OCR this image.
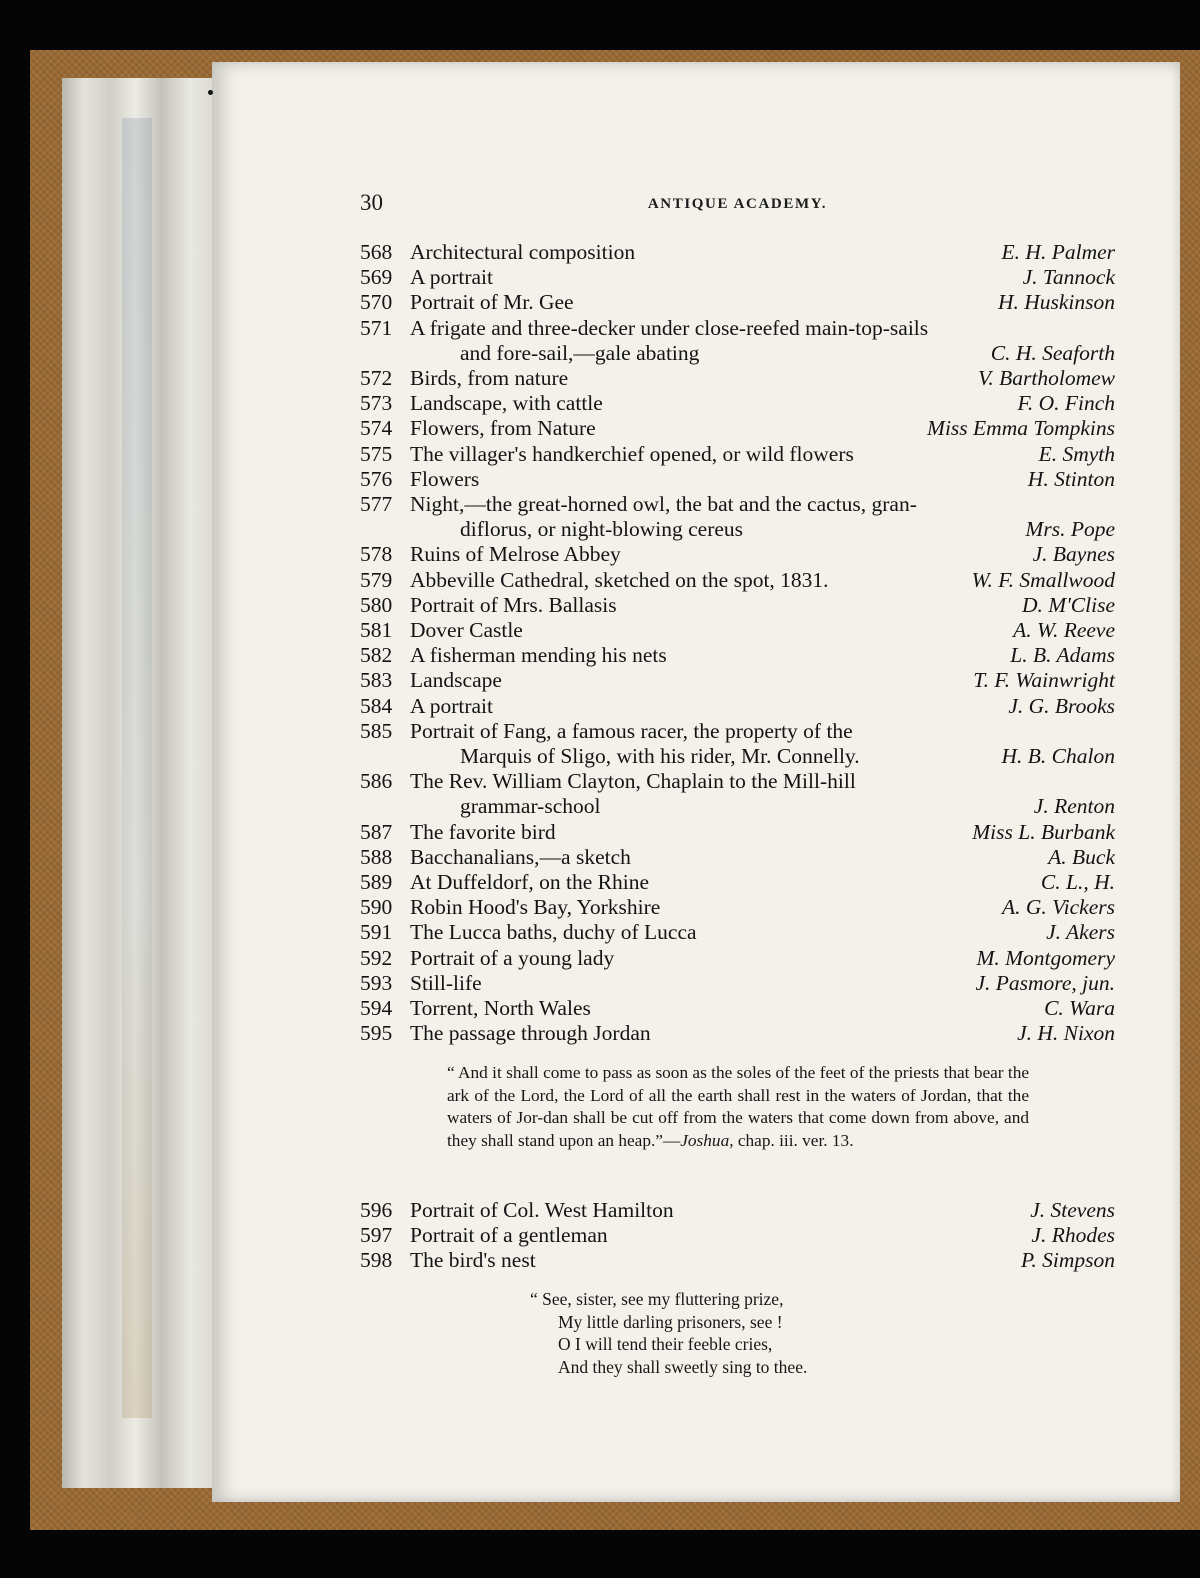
30	ANTIQUE ACADEMY.
568 Architectural composition	E. H. Palmer
569 A portrait	J. Tannock
570 Portrait of Mr. Gee	H. Huskinson
571 A frigate and three-decker under close-reefed main-top-sails
and fore-sail,—gale abating	C. H. Seaforth
572 Birds, from nature	V. Bartholomew
573 Landscape, with cattle	F. O. Finch
574 Flowers, from Nature	Miss Emma Tompkins
575 The villager's handkerchief opened, or wild flowers	E. Smyth
576 Flowers	H. Stinton
577 Night,—the great-horned owl, the bat and the cactus, gran-
diflorus, or night-blowing cereus	Mrs. Pope
578 Ruins of Melrose Abbey	J. Baynes
579 Abbeville Cathedral, sketched on the spot, 1831.	W. F. Smallwood
580 Portrait of Mrs. Ballasis	D. M'Clise
581 Dover Castle	A. W. Reeve
582 A fisherman mending his nets	L. B. Adams
583 Landscape	T. F. Wainwright
584 A portrait	J. G. Brooks
585 Portrait of Fang, a famous racer, the property of the
Marquis of Sligo, with his rider, Mr. Connelly.	H. B. Chalon
586 The Rev. William Clayton, Chaplain to the Mill-hill
grammar-school	J. Renton
587 The favorite bird	Miss L. Burbank
588 Bacchanalians,—a sketch	A. Buck
589 At Duffeldorf, on the Rhine	C. L., H.
590 Robin Hood's Bay, Yorkshire	A. G. Vickers
591 The Lucca baths, duchy of Lucca	J. Akers
592 Portrait of a young lady	M. Montgomery
593 Still-life	J. Pasmore, jun.
594 Torrent, North Wales	C. Wara
595 The passage through Jordan	J. H. Nixon
“ And it shall come to pass as soon as the soles of the feet of the priests that bear the ark of the Lord, the Lord of all the earth shall rest in the waters of Jordan, that the waters of Jor-dan shall be cut off from the waters that come down from above, and they shall stand upon an heap.”—Joshua, chap. iii. ver. 13.
596 Portrait of Col. West Hamilton	J. Stevens
597 Portrait of a gentleman	J. Rhodes
598 The bird's nest	P. Simpson
“ See, sister, see my fluttering prize,
My little darling prisoners, see !
O I will tend their feeble cries,
And they shall sweetly sing to thee.
